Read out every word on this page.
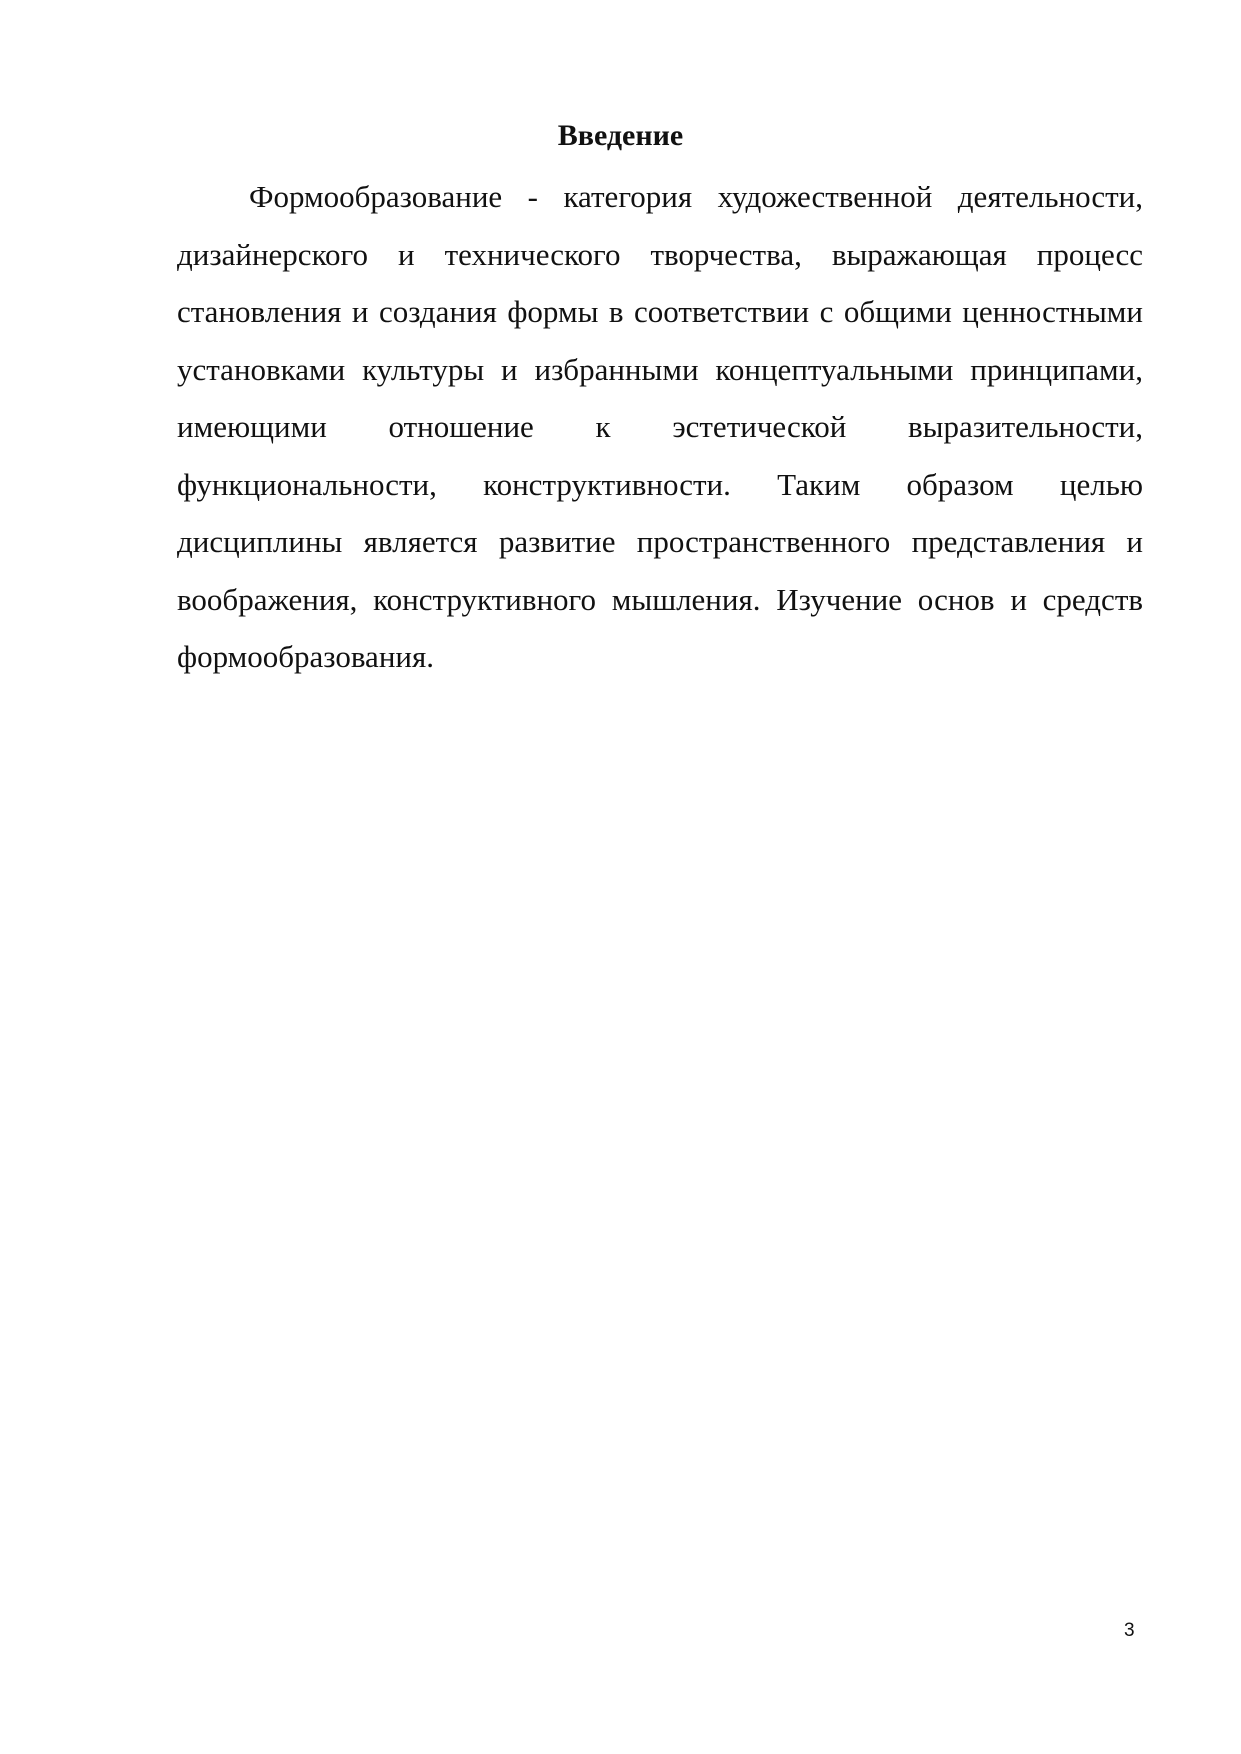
Введение

Формообразование - категория художественной деятельности, дизайнерского и технического творчества, выражающая процесс становления и создания формы в соответствии с общими ценностными установками культуры и избранными концептуальными принципами, имеющими отношение к эстетической выразительности, функциональности, конструктивности. Таким образом целью дисциплины является развитие пространственного представления и воображения, конструктивного мышления. Изучение основ и средств формообразования.

3
